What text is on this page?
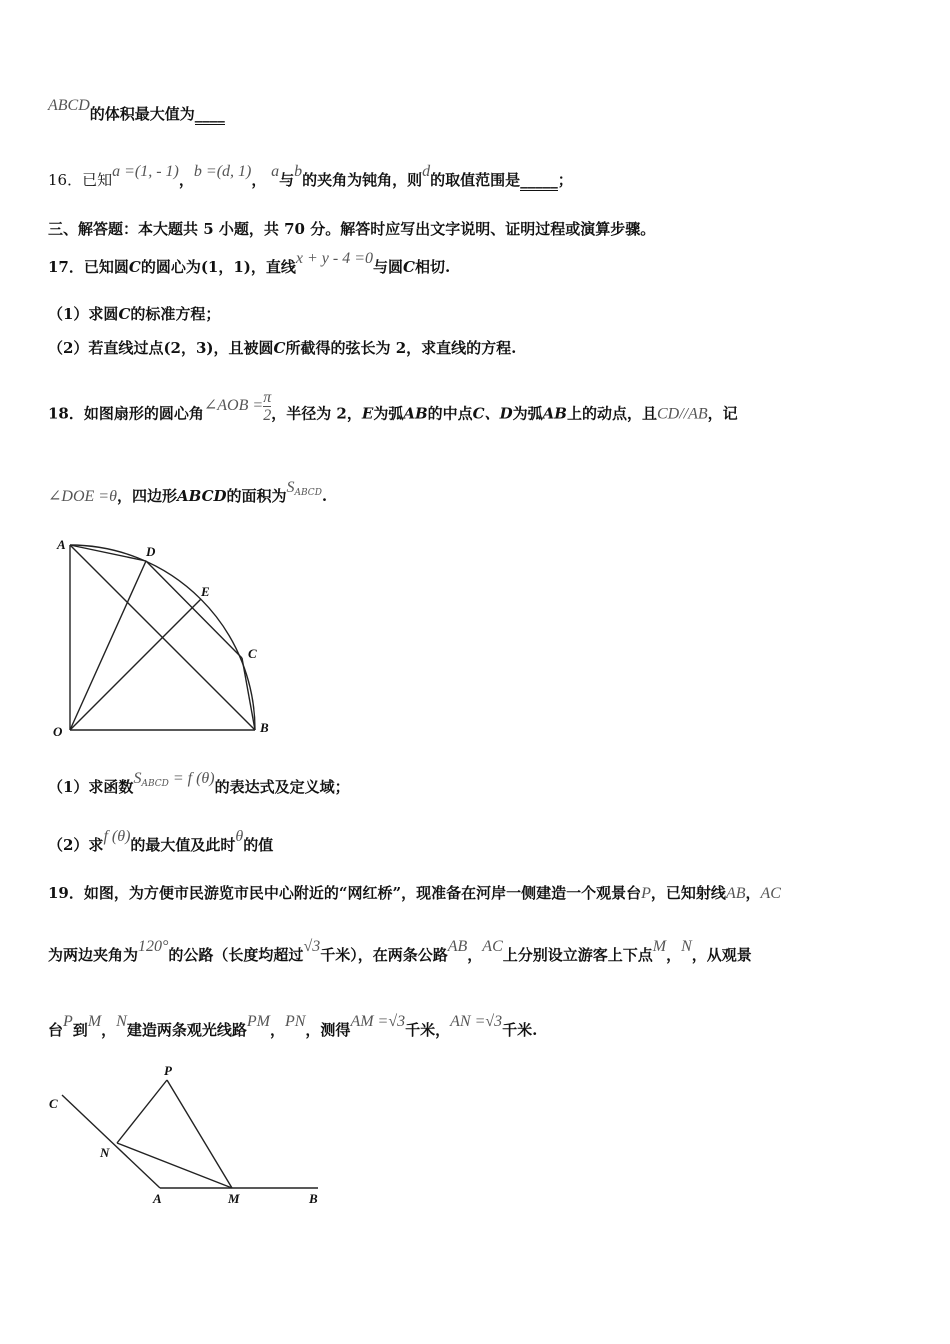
ABCD的体积最大值为____
16．已知a =(1, - 1)，b =(d, 1)， a与b的夹角为钝角，则d的取值范围是_____；
三、解答题：本大题共 5 小题，共 70 分。解答时应写出文字说明、证明过程或演算步骤。
17．已知圆C的圆心为(1，1)，直线x + y - 4 =0与圆C相切.
（1）求圆C的标准方程；
（2）若直线过点(2，3)，且被圆C所截得的弦长为 2，求直线的方程.
18．如图扇形的圆心角∠AOB = $\frac{\pi}{2}$ ，半径为 2，E为弧AB的中点C、D为弧AB上的动点，且CD//AB，记
∠DOE =θ，四边形ABCD的面积为$S^{ABCD}$.
A	D
E
C
O	B
（1）求函数$S^{ABCD} = f$ (θ)的表达式及定义域；
（2）求f (θ)的最大值及此时θ的值
19．如图，为方便市民游览市民中心附近的“网红桥”，现准备在河岸一侧建造一个观景台P，已知射线AB，AC
为两边夹角为120°的公路（长度均超过√3千米），在两条公路AB，AC上分别设立游客上下点M，N，从观景
台P到M，N建造两条观光线路PM，PN，测得AM =√3千米，AN =√3千米.
P
C
N
A	M	B
